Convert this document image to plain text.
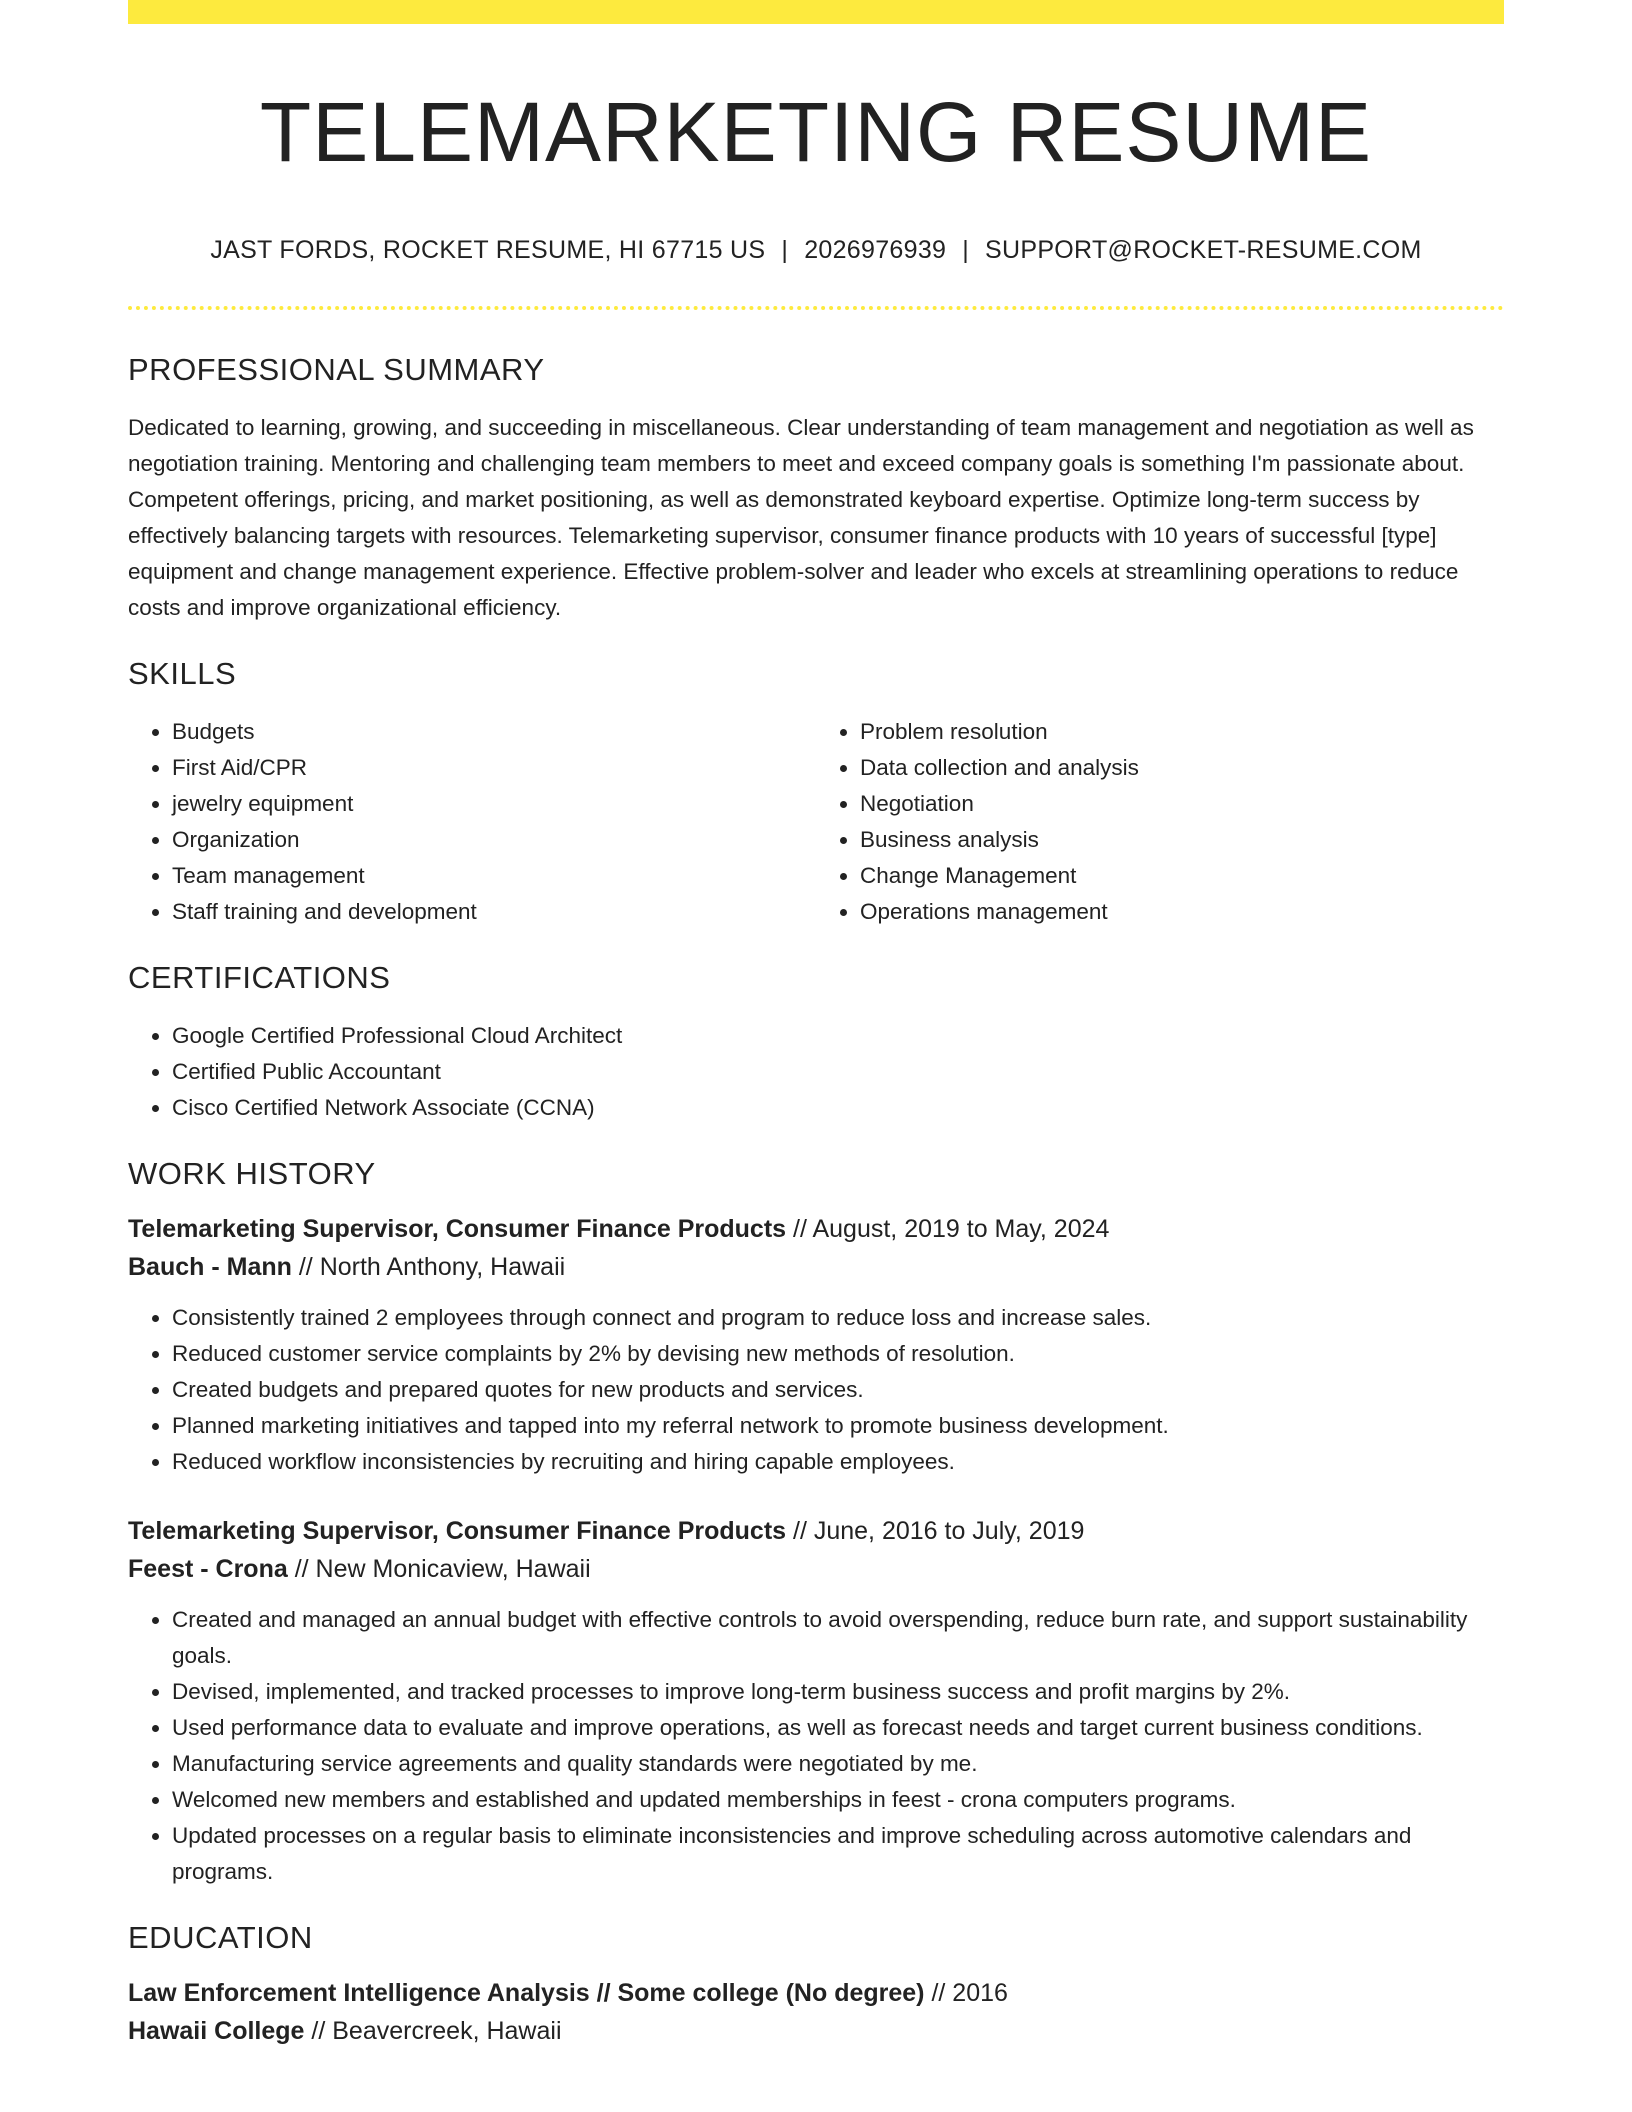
TELEMARKETING RESUME
JAST FORDS, ROCKET RESUME, HI 67715 US | 2026976939 | SUPPORT@ROCKET-RESUME.COM
PROFESSIONAL SUMMARY

Dedicated to learning, growing, and succeeding in miscellaneous. Clear understanding of team management and negotiation as well as negotiation training. Mentoring and challenging team members to meet and exceed company goals is something I'm passionate about. Competent offerings, pricing, and market positioning, as well as demonstrated keyboard expertise. Optimize long-term success by effectively balancing targets with resources. Telemarketing supervisor, consumer finance products with 10 years of successful [type] equipment and change management experience. Effective problem-solver and leader who excels at streamlining operations to reduce costs and improve organizational efficiency.

SKILLS
• Budgets
• First Aid/CPR
• jewelry equipment
• Organization
• Team management
• Staff training and development
• Problem resolution
• Data collection and analysis
• Negotiation
• Business analysis
• Change Management
• Operations management
CERTIFICATIONS
• Google Certified Professional Cloud Architect
• Certified Public Accountant
• Cisco Certified Network Associate (CCNA)
WORK HISTORY

Telemarketing Supervisor, Consumer Finance Products // August, 2019 to May, 2024

Bauch - Mann // North Anthony, Hawaii

• Consistently trained 2 employees through connect and program to reduce loss and increase sales.
• Reduced customer service complaints by 2% by devising new methods of resolution.
• Created budgets and prepared quotes for new products and services.
• Planned marketing initiatives and tapped into my referral network to promote business development.
• Reduced workflow inconsistencies by recruiting and hiring capable employees.

Telemarketing Supervisor, Consumer Finance Products // June, 2016 to July, 2019

Feest - Crona // New Monicaview, Hawaii

• Created and managed an annual budget with effective controls to avoid overspending, reduce burn rate, and support sustainability goals.
• Devised, implemented, and tracked processes to improve long-term business success and profit margins by 2%.
• Used performance data to evaluate and improve operations, as well as forecast needs and target current business conditions.
• Manufacturing service agreements and quality standards were negotiated by me.
• Welcomed new members and established and updated memberships in feest - crona computers programs.
• Updated processes on a regular basis to eliminate inconsistencies and improve scheduling across automotive calendars and programs.
EDUCATION

Law Enforcement Intelligence Analysis // Some college (No degree) // 2016

Hawaii College // Beavercreek, Hawaii
